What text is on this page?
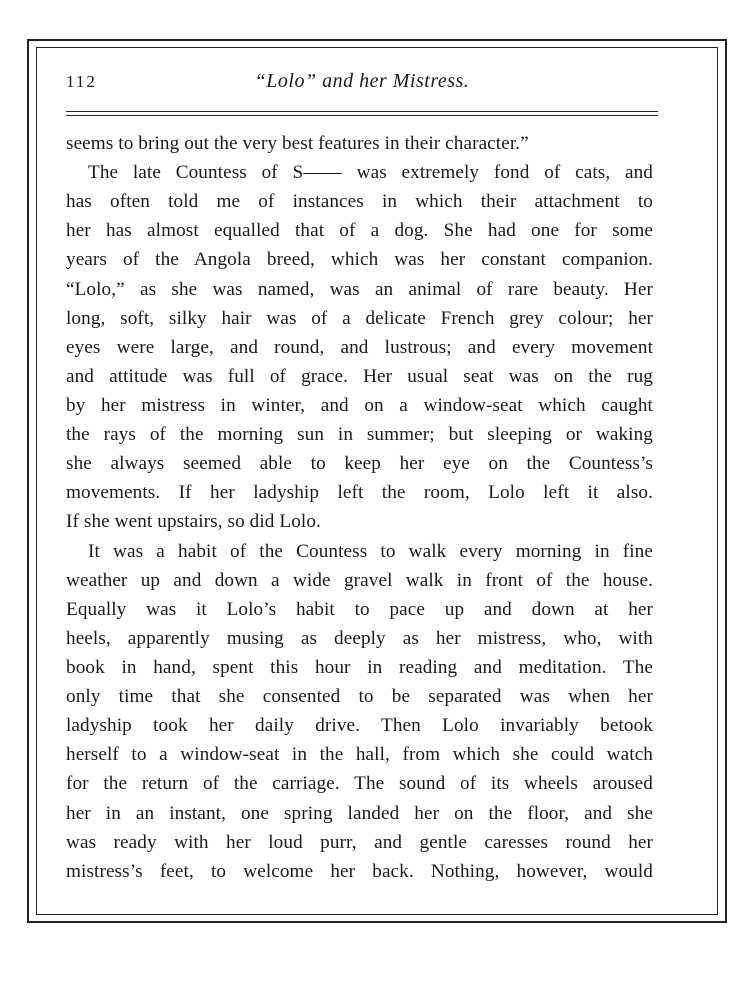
112	“Lolo” and her Mistress.
seems to bring out the very best features in their character.”
The late Countess of S—— was extremely fond of cats, and
has often told me of instances in which their attachment to
her has almost equalled that of a dog. She had one for some
years of the Angola breed, which was her constant companion.
“Lolo,” as she was named, was an animal of rare beauty. Her
long, soft, silky hair was of a delicate French grey colour; her
eyes were large, and round, and lustrous; and every movement
and attitude was full of grace. Her usual seat was on the rug
by her mistress in winter, and on a window-seat which caught
the rays of the morning sun in summer; but sleeping or waking
she always seemed able to keep her eye on the Countess’s
movements. If her ladyship left the room, Lolo left it also.
If she went upstairs, so did Lolo.
It was a habit of the Countess to walk every morning in fine
weather up and down a wide gravel walk in front of the house.
Equally was it Lolo’s habit to pace up and down at her
heels, apparently musing as deeply as her mistress, who, with
book in hand, spent this hour in reading and meditation. The
only time that she consented to be separated was when her
ladyship took her daily drive. Then Lolo invariably betook
herself to a window-seat in the hall, from which she could watch
for the return of the carriage. The sound of its wheels aroused
her in an instant, one spring landed her on the floor, and she
was ready with her loud purr, and gentle caresses round her
mistress’s feet, to welcome her back. Nothing, however, would
